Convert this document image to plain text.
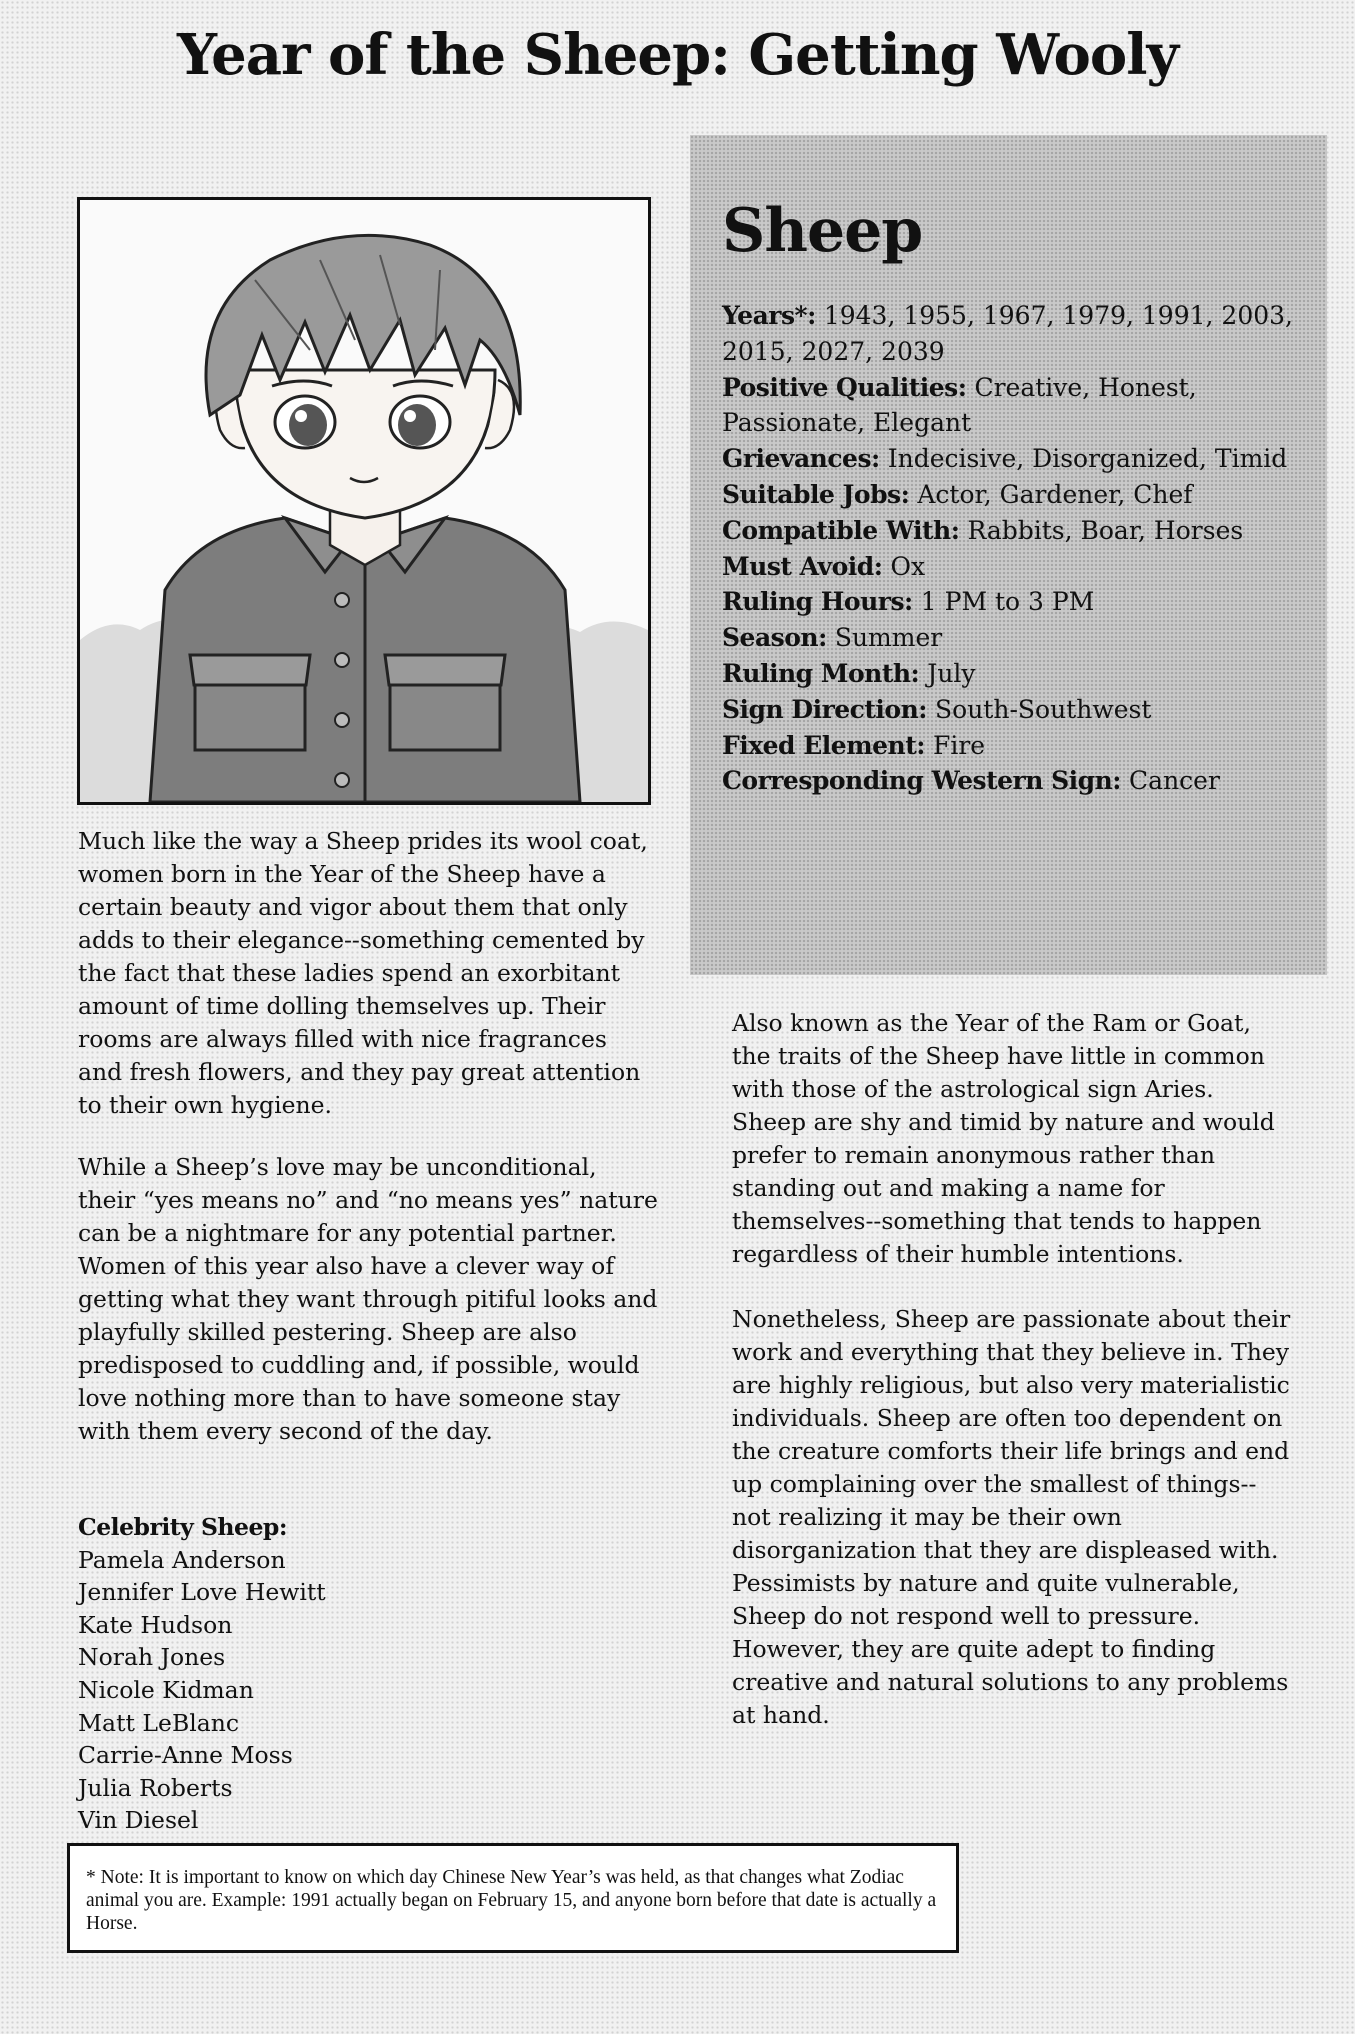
Year of the Sheep: Getting Wooly
Sheep

Years*: 1943, 1955, 1967, 1979, 1991, 2003, 2015, 2027, 2039

Positive Qualities: Creative, Honest, Passionate, Elegant

Grievances: Indecisive, Disorganized, Timid

Suitable Jobs: Actor, Gardener, Chef

Compatible With: Rabbits, Boar, Horses

Must Avoid: Ox

Ruling Hours: 1 PM to 3 PM

Season: Summer

Ruling Month: July

Sign Direction: South-Southwest

Fixed Element: Fire

Corresponding Western Sign: Cancer

Much like the way a Sheep prides its wool coat, women born in the Year of the Sheep have a certain beauty and vigor about them that only adds to their elegance--something cemented by the fact that these ladies spend an exorbitant amount of time dolling themselves up. Their rooms are always filled with nice fragrances and fresh flowers, and they pay great attention to their own hygiene.

While a Sheep’s love may be unconditional, their “yes means no” and “no means yes” nature can be a nightmare for any potential partner. Women of this year also have a clever way of getting what they want through pitiful looks and playfully skilled pestering. Sheep are also predisposed to cuddling and, if possible, would love nothing more than to have someone stay with them every second of the day.

Also known as the Year of the Ram or Goat, the traits of the Sheep have little in common with those of the astrological sign Aries. Sheep are shy and timid by nature and would prefer to remain anonymous rather than standing out and making a name for themselves--something that tends to happen regardless of their humble intentions.

Nonetheless, Sheep are passionate about their work and everything that they believe in. They are highly religious, but also very materialistic individuals. Sheep are often too dependent on the creature comforts their life brings and end up complaining over the smallest of things--not realizing it may be their own disorganization that they are displeased with. Pessimists by nature and quite vulnerable, Sheep do not respond well to pressure. However, they are quite adept to finding creative and natural solutions to any problems at hand.

Celebrity Sheep:
Pamela Anderson
Jennifer Love Hewitt
Kate Hudson
Norah Jones
Nicole Kidman
Matt LeBlanc
Carrie-Anne Moss
Julia Roberts
Vin Diesel
* Note: It is important to know on which day Chinese New Year’s was held, as that changes what Zodiac animal you are. Example: 1991 actually began on February 15, and anyone born before that date is actually a Horse.
